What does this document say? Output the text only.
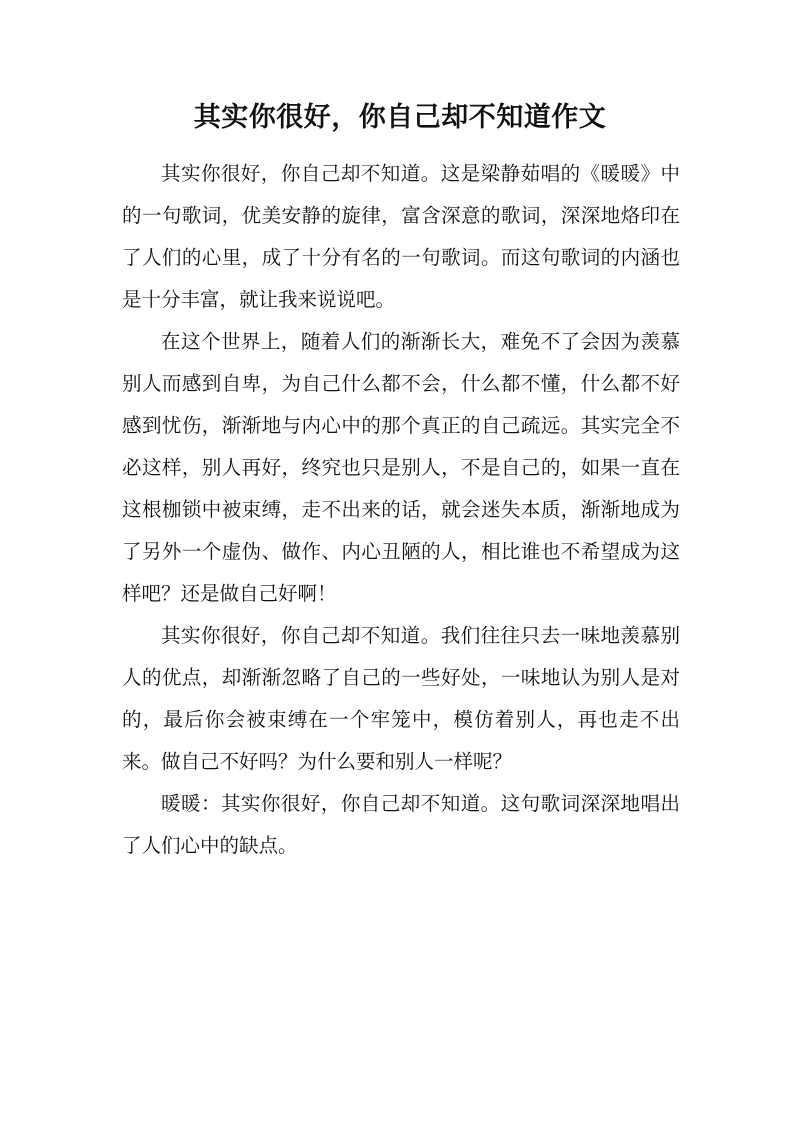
其实你很好，你自己却不知道作文

其实你很好，你自己却不知道。这是梁静茹唱的《暖暖》中的一句歌词，优美安静的旋律，富含深意的歌词，深深地烙印在了人们的心里，成了十分有名的一句歌词。而这句歌词的内涵也是十分丰富，就让我来说说吧。

在这个世界上，随着人们的渐渐长大，难免不了会因为羡慕别人而感到自卑，为自己什么都不会，什么都不懂，什么都不好感到忧伤，渐渐地与内心中的那个真正的自己疏远。其实完全不必这样，别人再好，终究也只是别人，不是自己的，如果一直在这根枷锁中被束缚，走不出来的话，就会迷失本质，渐渐地成为了另外一个虚伪、做作、内心丑陋的人，相比谁也不希望成为这样吧？还是做自己好啊！

其实你很好，你自己却不知道。我们往往只去一味地羡慕别人的优点，却渐渐忽略了自己的一些好处，一味地认为别人是对的，最后你会被束缚在一个牢笼中，模仿着别人，再也走不出来。做自己不好吗？为什么要和别人一样呢？

暖暖：其实你很好，你自己却不知道。这句歌词深深地唱出了人们心中的缺点。
